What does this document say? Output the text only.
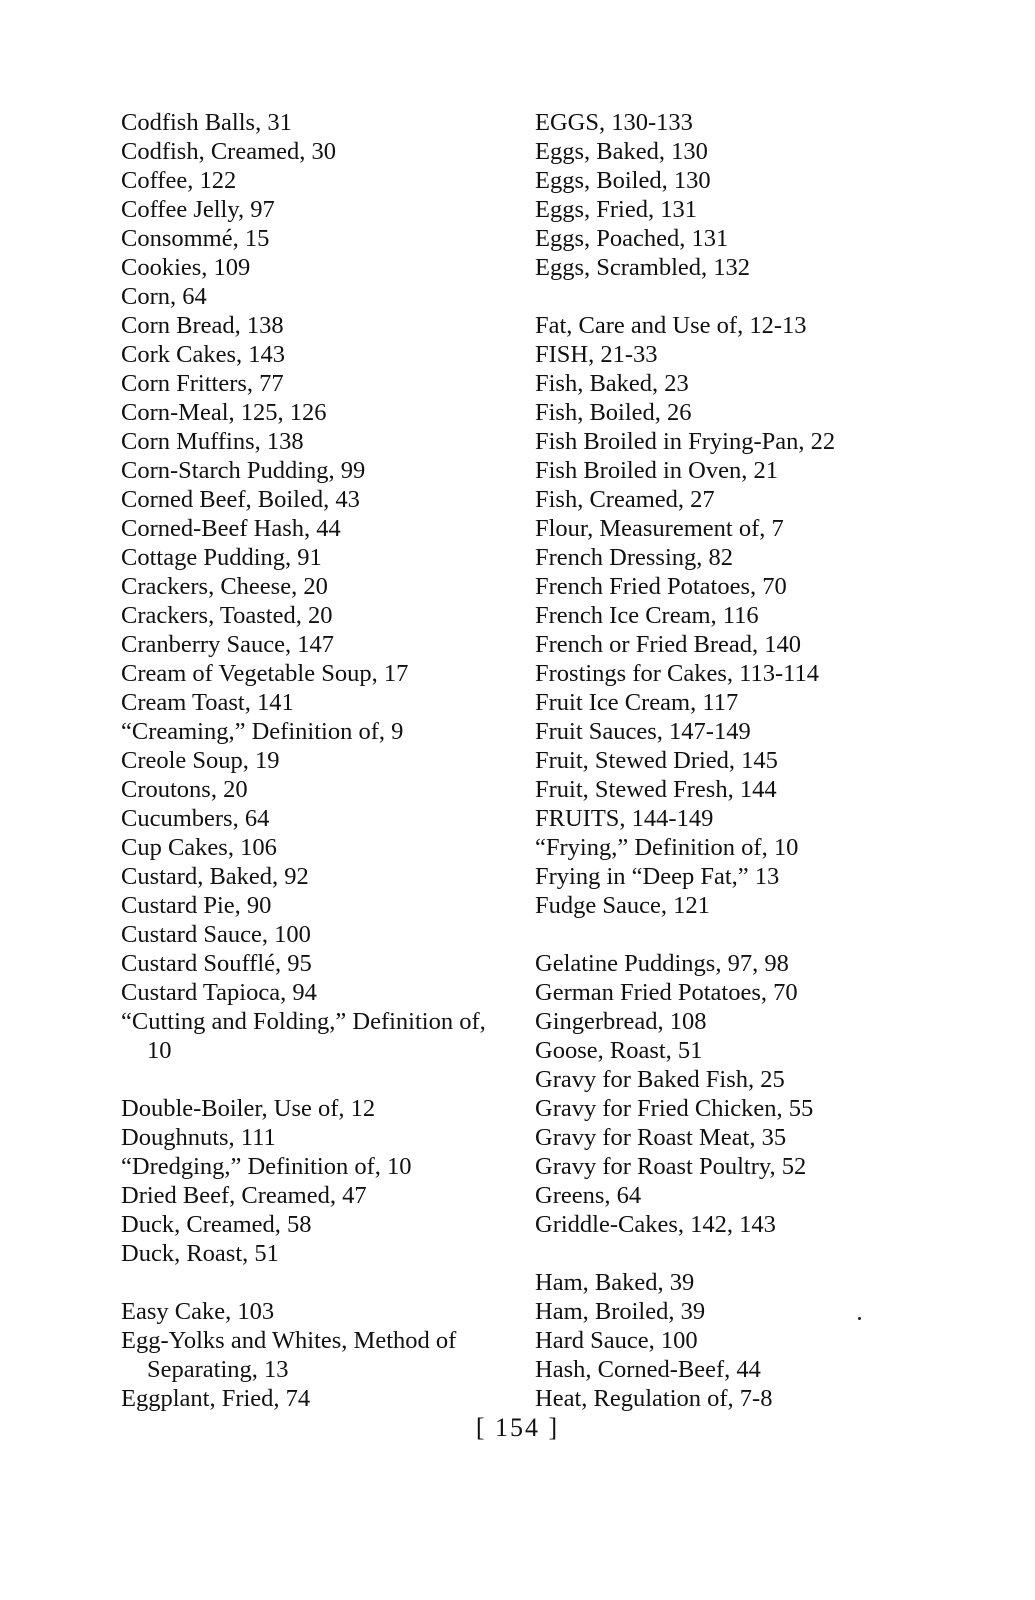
Codfish Balls, 31
Codfish, Creamed, 30
Coffee, 122
Coffee Jelly, 97
Consommé, 15
Cookies, 109
Corn, 64
Corn Bread, 138
Cork Cakes, 143
Corn Fritters, 77
Corn-Meal, 125, 126
Corn Muffins, 138
Corn-Starch Pudding, 99
Corned Beef, Boiled, 43
Corned-Beef Hash, 44
Cottage Pudding, 91
Crackers, Cheese, 20
Crackers, Toasted, 20
Cranberry Sauce, 147
Cream of Vegetable Soup, 17
Cream Toast, 141
“Creaming,” Definition of, 9
Creole Soup, 19
Croutons, 20
Cucumbers, 64
Cup Cakes, 106
Custard, Baked, 92
Custard Pie, 90
Custard Sauce, 100
Custard Soufflé, 95
Custard Tapioca, 94
“Cutting and Folding,” Definition of, 10
Double-Boiler, Use of, 12
Doughnuts, 111
“Dredging,” Definition of, 10
Dried Beef, Creamed, 47
Duck, Creamed, 58
Duck, Roast, 51
Easy Cake, 103
Egg-Yolks and Whites, Method of Separating, 13
Eggplant, Fried, 74
EGGS, 130-133
Eggs, Baked, 130
Eggs, Boiled, 130
Eggs, Fried, 131
Eggs, Poached, 131
Eggs, Scrambled, 132
Fat, Care and Use of, 12-13
FISH, 21-33
Fish, Baked, 23
Fish, Boiled, 26
Fish Broiled in Frying-Pan, 22
Fish Broiled in Oven, 21
Fish, Creamed, 27
Flour, Measurement of, 7
French Dressing, 82
French Fried Potatoes, 70
French Ice Cream, 116
French or Fried Bread, 140
Frostings for Cakes, 113-114
Fruit Ice Cream, 117
Fruit Sauces, 147-149
Fruit, Stewed Dried, 145
Fruit, Stewed Fresh, 144
FRUITS, 144-149
“Frying,” Definition of, 10
Frying in “Deep Fat,” 13
Fudge Sauce, 121
Gelatine Puddings, 97, 98
German Fried Potatoes, 70
Gingerbread, 108
Goose, Roast, 51
Gravy for Baked Fish, 25
Gravy for Fried Chicken, 55
Gravy for Roast Meat, 35
Gravy for Roast Poultry, 52
Greens, 64
Griddle-Cakes, 142, 143
Ham, Baked, 39
Ham, Broiled, 39
Hard Sauce, 100
Hash, Corned-Beef, 44
Heat, Regulation of, 7-8
[ 154 ]
